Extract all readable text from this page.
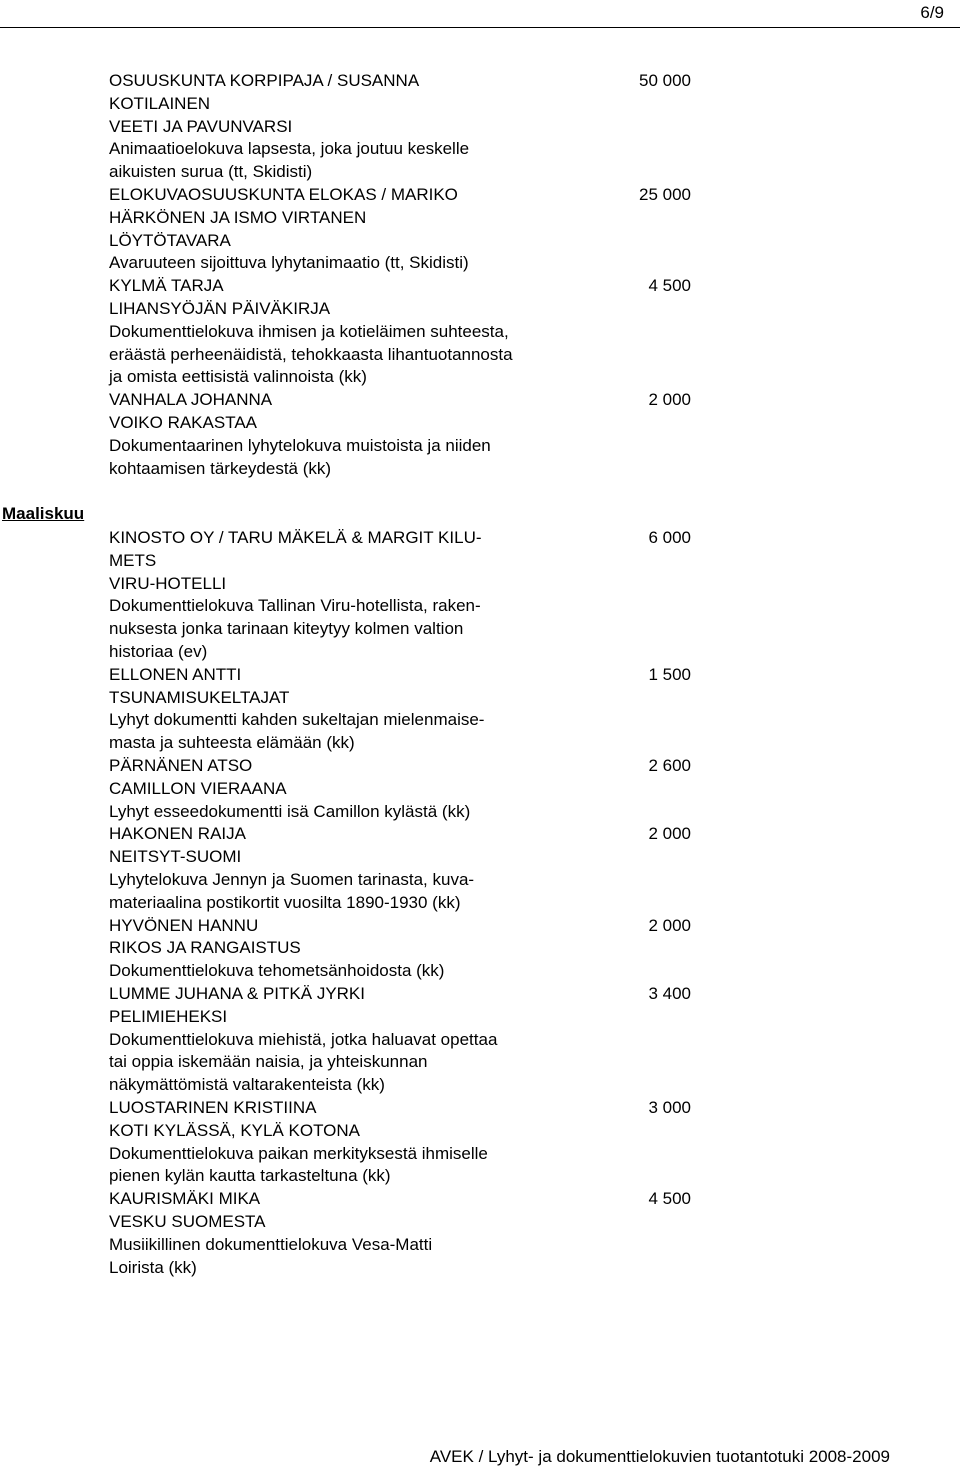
6/9
OSUUSKUNTA KORPIPAJA / SUSANNA
KOTILAINEN
VEETI JA PAVUNVARSI
Animaatioelokuva lapsesta, joka joutuu keskelle
aikuisten surua (tt, Skidisti)
50 000
ELOKUVAOSUUSKUNTA ELOKAS / MARIKO
HÄRKÖNEN JA ISMO VIRTANEN
LÖYTÖTAVARA
Avaruuteen sijoittuva lyhytanimaatio (tt, Skidisti)
25 000
KYLMÄ TARJA
LIHANSYÖJÄN PÄIVÄKIRJA
Dokumenttielokuva ihmisen ja kotieläimen suhteesta,
eräästä perheenäidistä, tehokkaasta lihantuotannosta
ja omista eettisistä valinnoista (kk)
4 500
VANHALA JOHANNA
VOIKO RAKASTAA
Dokumentaarinen lyhytelokuva muistoista ja niiden
kohtaamisen tärkeydestä (kk)
2 000
Maaliskuu
KINOSTO OY / TARU MÄKELÄ & MARGIT KILU-
METS
VIRU-HOTELLI
Dokumenttielokuva Tallinan Viru-hotellista, raken-
nuksesta jonka tarinaan kiteytyy kolmen valtion
historiaa (ev)
6 000
ELLONEN ANTTI
TSUNAMISUKELTAJAT
Lyhyt dokumentti kahden sukeltajan mielenmaise-
masta ja suhteesta elämään (kk)
1 500
PÄRNÄNEN ATSO
CAMILLON VIERAANA
Lyhyt esseedokumentti isä Camillon kylästä (kk)
2 600
HAKONEN RAIJA
NEITSYT-SUOMI
Lyhytelokuva Jennyn ja Suomen tarinasta, kuva-
materiaalina postikortit vuosilta 1890-1930 (kk)
2 000
HYVÖNEN HANNU
RIKOS JA RANGAISTUS
Dokumenttielokuva tehometsänhoidosta (kk)
2 000
LUMME JUHANA & PITKÄ JYRKI
PELIMIEHEKSI
Dokumenttielokuva miehistä, jotka haluavat opettaa
tai oppia iskemään naisia, ja yhteiskunnan
näkymättömistä valtarakenteista (kk)
3 400
LUOSTARINEN KRISTIINA
KOTI KYLÄSSÄ, KYLÄ KOTONA
Dokumenttielokuva paikan merkityksestä ihmiselle
pienen kylän kautta tarkasteltuna (kk)
3 000
KAURISMÄKI MIKA
VESKU SUOMESTA
Musiikillinen dokumenttielokuva Vesa-Matti
Loirista (kk)
4 500
AVEK / Lyhyt- ja dokumenttielokuvien tuotantotuki 2008-2009
